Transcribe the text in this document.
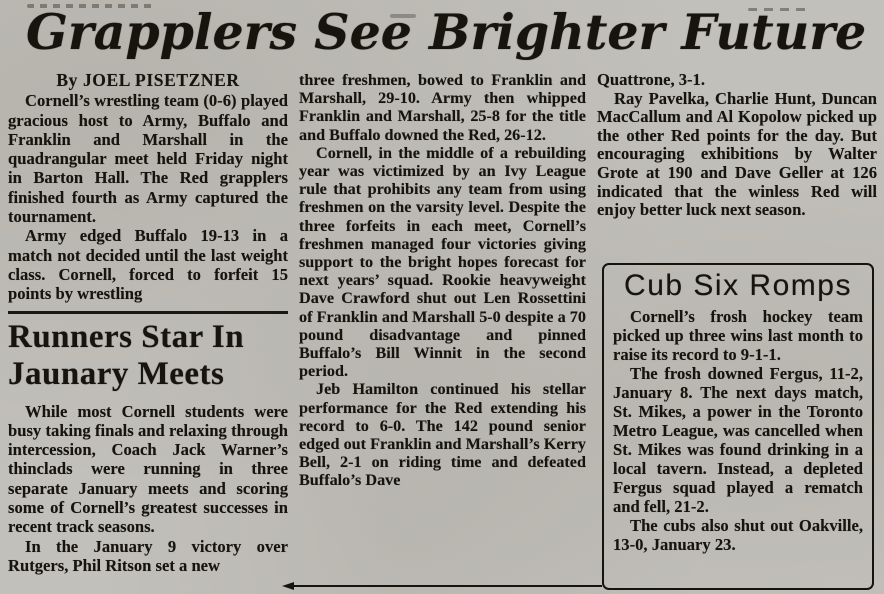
Grapplers See Brighter Future
By JOEL PISETZNER

Cornell’s wrestling team (0-6) played gracious host to Army, Buffalo and Franklin and Marshall in the quadrangular meet held Friday night in Barton Hall. The Red grapplers finished fourth as Army captured the tournament.

Army edged Buffalo 19-13 in a match not decided until the last weight class. Cornell, forced to forfeit 15 points by wrestling

Runners Star In Jaunary Meets

While most Cornell students were busy taking finals and relaxing through intercession, Coach Jack Warner’s thinclads were running in three separate January meets and scoring some of Cornell’s greatest successes in recent track seasons.

In the January 9 victory over Rutgers, Phil Ritson set a new

three freshmen, bowed to Franklin and Marshall, 29-10. Army then whipped Franklin and Marshall, 25-8 for the title and Buffalo downed the Red, 26-12.

Cornell, in the middle of a rebuilding year was victimized by an Ivy League rule that prohibits any team from using freshmen on the varsity level. Despite the three forfeits in each meet, Cornell’s freshmen managed four victories giving support to the bright hopes forecast for next years’ squad. Rookie heavyweight Dave Crawford shut out Len Rossettini of Franklin and Marshall 5-0 despite a 70 pound disadvantage and pinned Buffalo’s Bill Winnit in the second period.

Jeb Hamilton continued his stellar performance for the Red extending his record to 6-0. The 142 pound senior edged out Franklin and Marshall’s Kerry Bell, 2-1 on riding time and defeated Buffalo’s Dave

Quattrone, 3-1.

Ray Pavelka, Charlie Hunt, Duncan MacCallum and Al Kopolow picked up the other Red points for the day. But encouraging exhibitions by Walter Grote at 190 and Dave Geller at 126 indicated that the winless Red will enjoy better luck next season.

Cub Six Romps

Cornell’s frosh hockey team picked up three wins last month to raise its record to 9-1-1.

The frosh downed Fergus, 11-2, January 8. The next days match, St. Mikes, a power in the Toronto Metro League, was cancelled when St. Mikes was found drinking in a local tavern. Instead, a depleted Fergus squad played a rematch and fell, 21-2.

The cubs also shut out Oakville, 13-0, January 23.
